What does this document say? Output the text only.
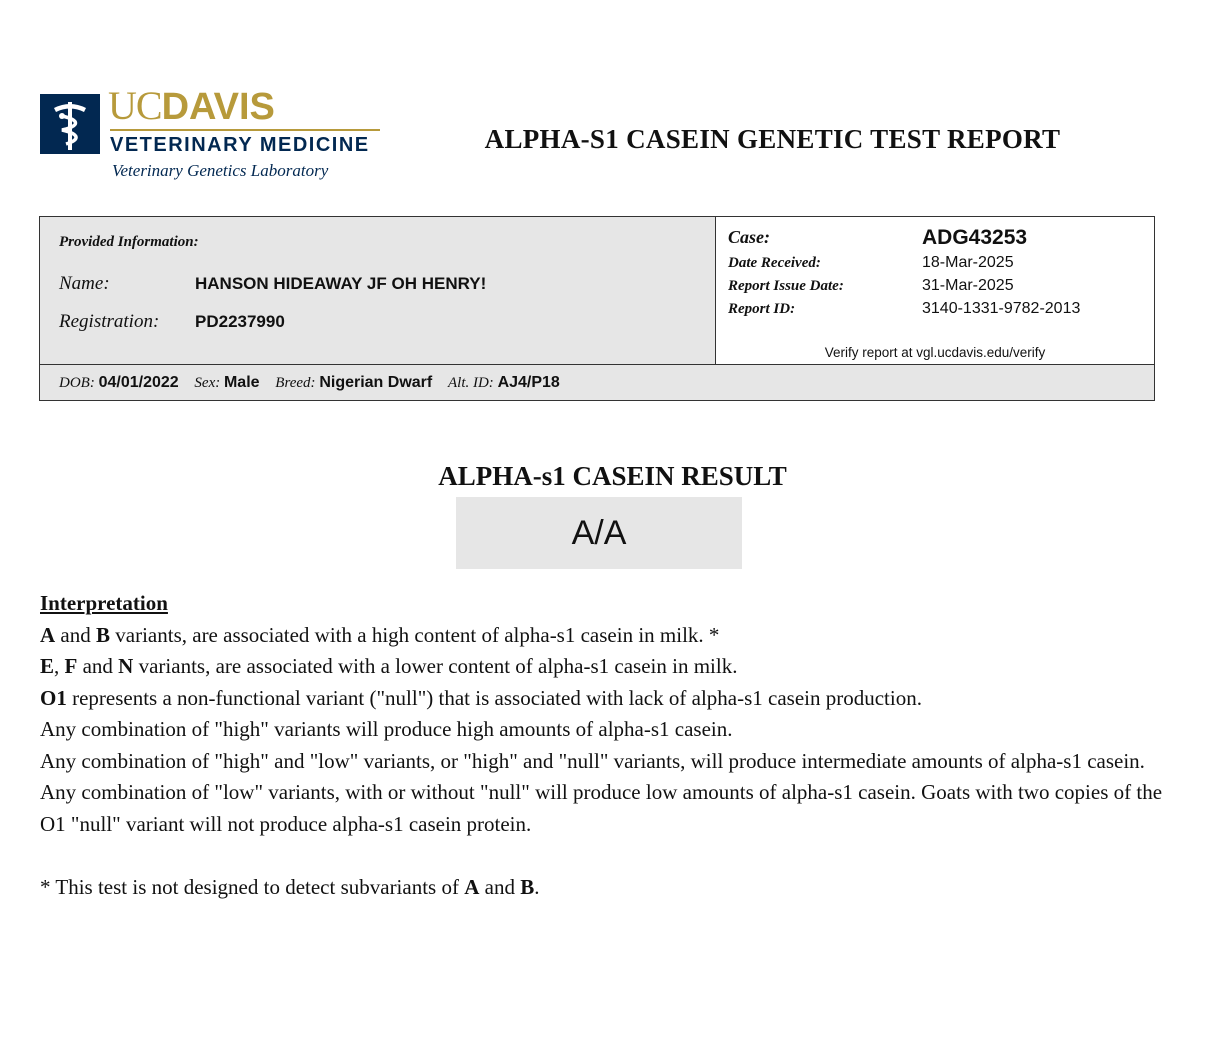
UCDAVIS
VETERINARY MEDICINE
Veterinary Genetics Laboratory
ALPHA-S1 CASEIN GENETIC TEST REPORT
Provided Information:
Name:	HANSON HIDEAWAY JF OH HENRY!
Registration: PD2237990
Case:	ADG43253
Date Received:	18-Mar-2025
Report Issue Date:	31-Mar-2025
Report ID:	3140-1331-9782-2013
Verify report at vgl.ucdavis.edu/verify
DOB: 04/01/2022 Sex: Male Breed: Nigerian Dwarf Alt. ID: AJ4/P18
ALPHA-s1 CASEIN RESULT
A/A

Interpretation

A and B variants, are associated with a high content of alpha-s1 casein in milk. *

E, F and N variants, are associated with a lower content of alpha-s1 casein in milk.

O1 represents a non-functional variant ("null") that is associated with lack of alpha-s1 casein production.

Any combination of "high" variants will produce high amounts of alpha-s1 casein.

Any combination of "high" and "low" variants, or "high" and "null" variants, will produce intermediate amounts of alpha-s1 casein.

Any combination of "low" variants, with or without "null" will produce low amounts of alpha-s1 casein. Goats with two copies of the O1 "null" variant will not produce alpha-s1 casein protein.

* This test is not designed to detect subvariants of A and B.
